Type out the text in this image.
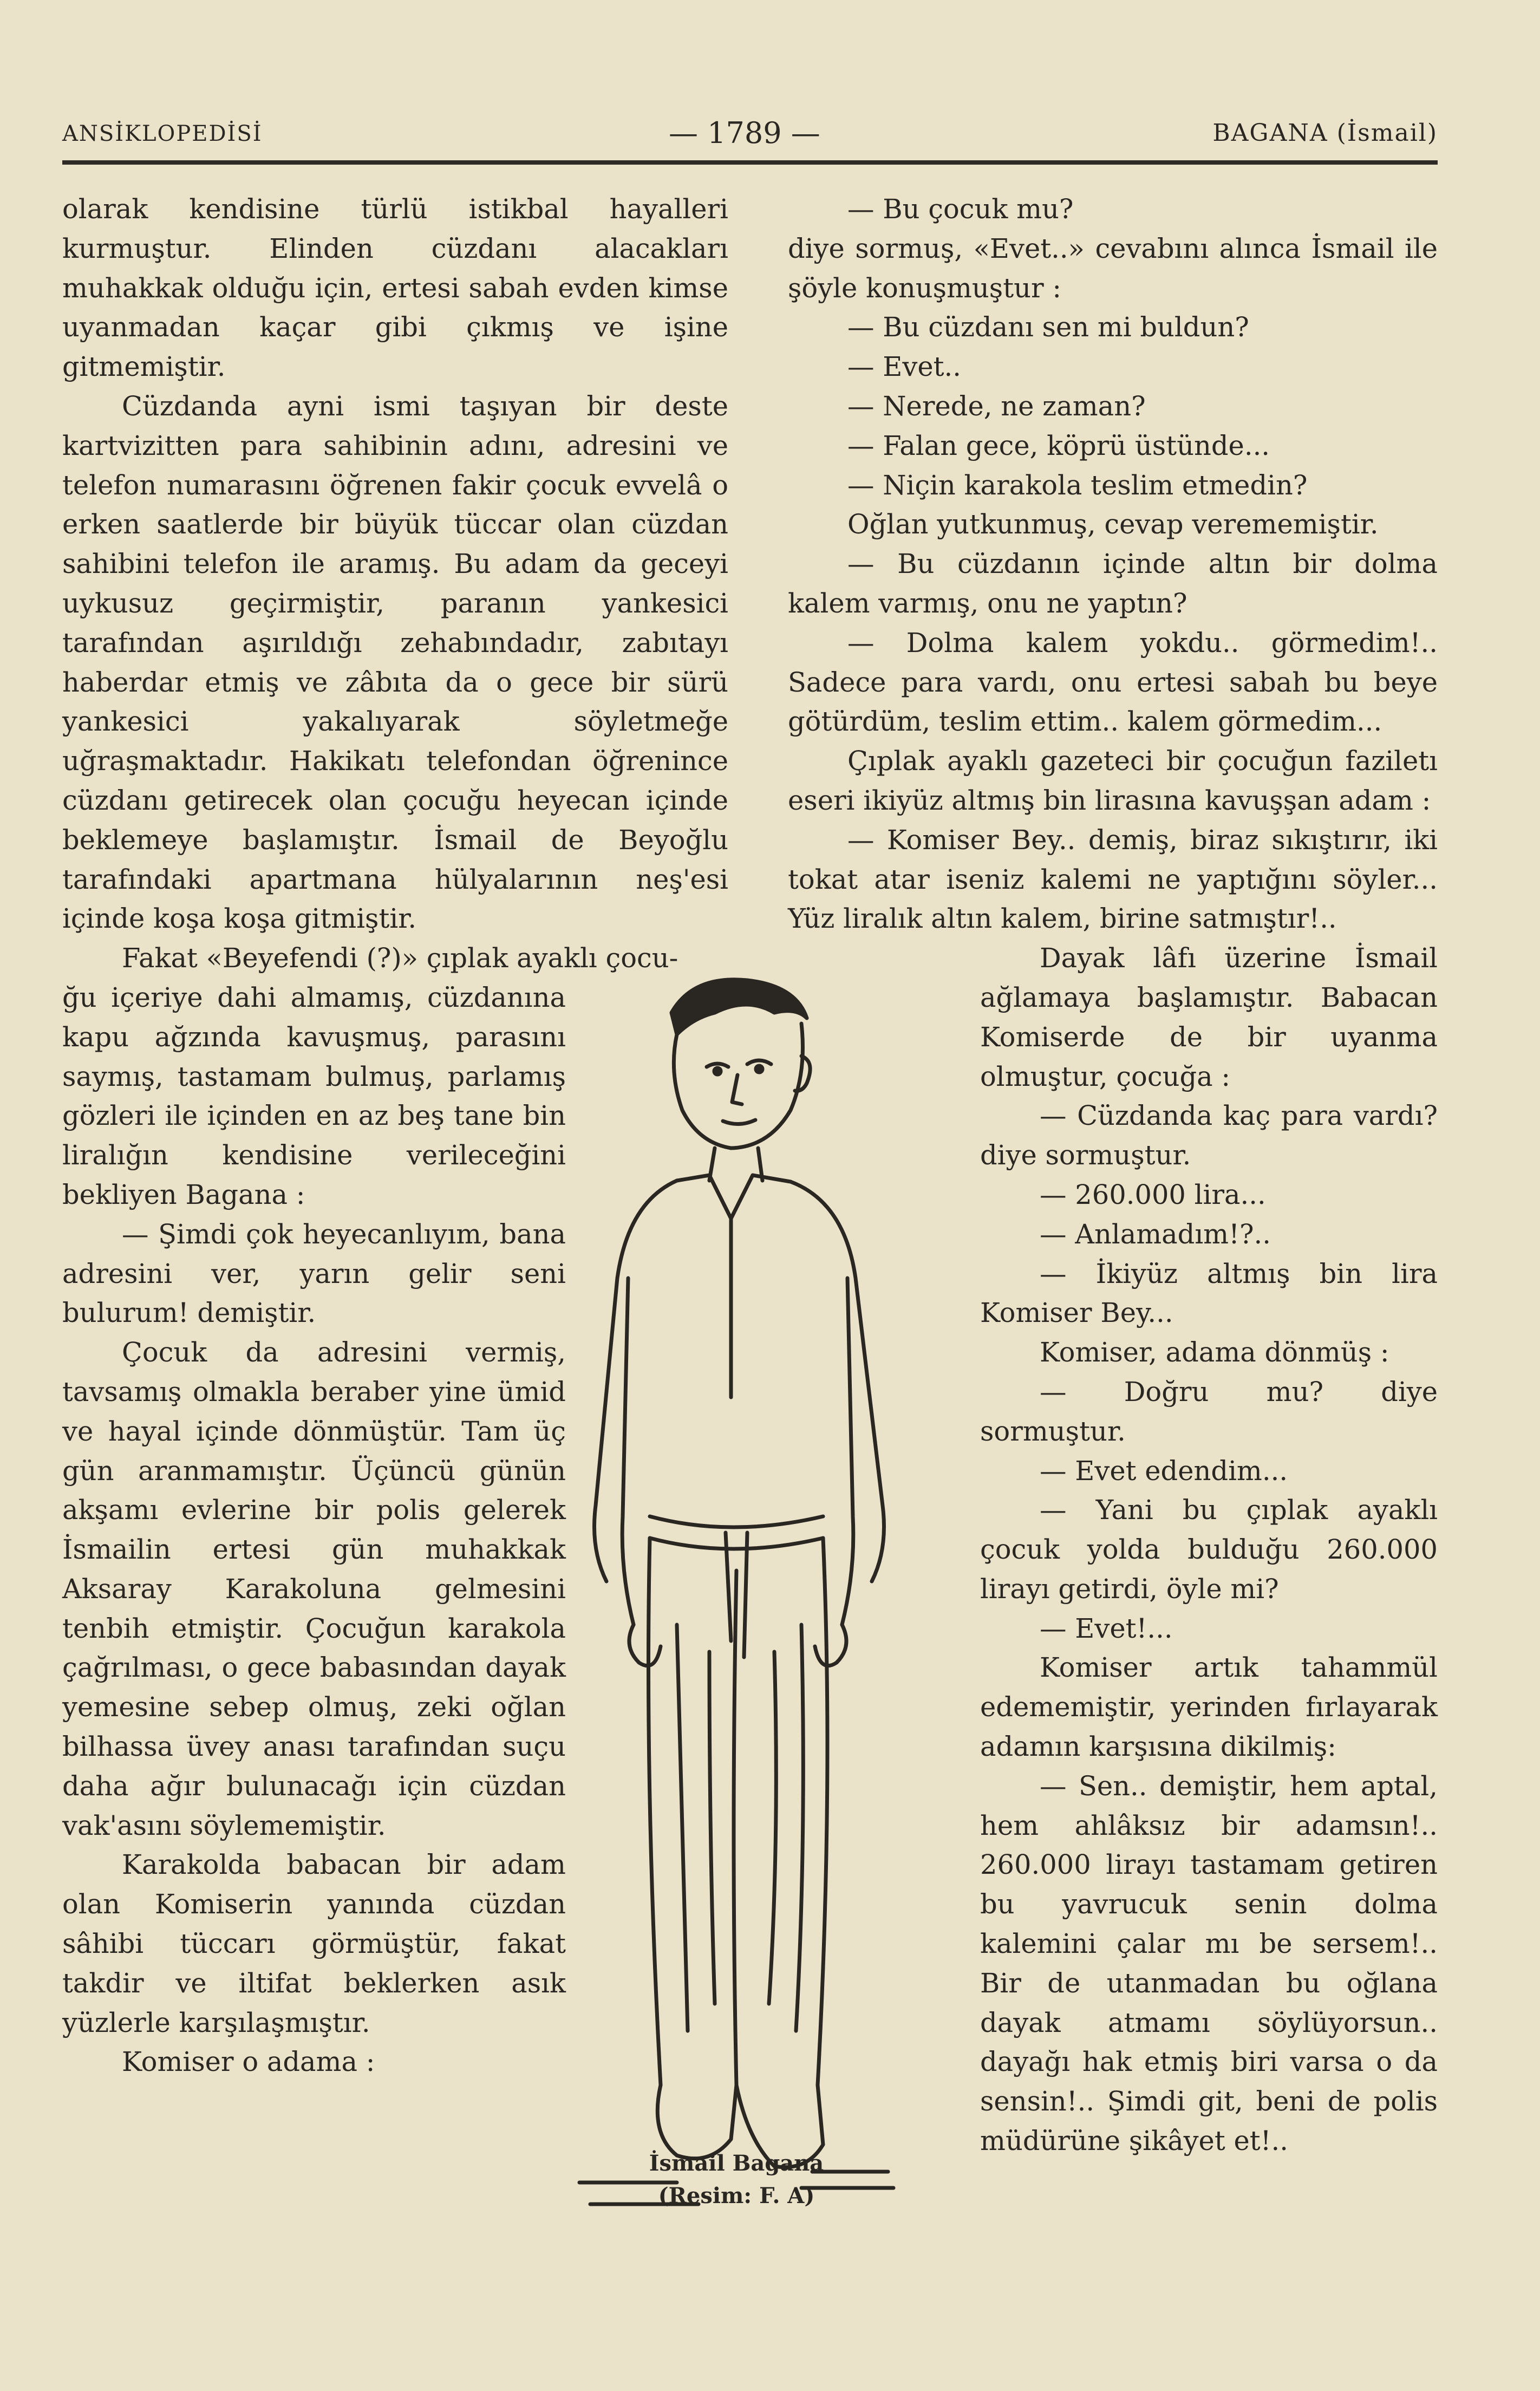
ANSİKLOPEDİSİ	— 1789 —	BAGANA (İsmail)

olarak kendisine türlü istikbal hayalleri kurmuştur. Elinden cüzdanı alacakları muhakkak olduğu için, ertesi sabah evden kimse uyanmadan kaçar gibi çıkmış ve işine gitmemiştir.

Cüzdanda ayni ismi taşıyan bir deste kartvizitten para sahibinin adını, adresini ve telefon numarasını öğrenen fakir çocuk evvelâ o erken saatlerde bir büyük tüccar olan cüzdan sahibini telefon ile aramış. Bu adam da geceyi uykusuz geçirmiştir, paranın yankesici tarafından aşırıldığı zehabındadır, zabıtayı haberdar etmiş ve zâbıta da o gece bir sürü yankesici yakalıyarak söyletmeğe uğraşmaktadır. Hakikatı telefondan öğrenince cüzdanı getirecek olan çocuğu heyecan içinde beklemeye başlamıştır. İsmail de Beyoğlu tarafındaki apartmana hülyalarının neş'esi içinde koşa koşa gitmiştir.

Fakat «Beyefendi (?)» çıplak ayaklı çocu-

ğu içeriye dahi almamış, cüzdanına kapu ağzında kavuşmuş, parasını saymış, tastamam bulmuş, parlamış gözleri ile içinden en az beş tane bin liralığın kendisine verileceğini bekliyen Bagana :

— Şimdi çok heyecanlıyım, bana adresini ver, yarın gelir seni bulurum! demiştir.

Çocuk da adresini vermiş, tavsamış olmakla beraber yine ümid ve hayal içinde dönmüştür. Tam üç gün aranmamıştır. Üçüncü günün akşamı evlerine bir polis gelerek İsmailin ertesi gün muhakkak Aksaray Karakoluna gelmesini tenbih etmiştir. Çocuğun karakola çağrılması, o gece babasından dayak yemesine sebep olmuş, zeki oğlan bilhassa üvey anası tarafından suçu daha ağır bulunacağı için cüzdan vak'asını söylememiştir.

Karakolda babacan bir adam olan Komiserin yanında cüzdan sâhibi tüccarı görmüştür, fakat takdir ve iltifat beklerken asık yüzlerle karşılaşmıştır.

Komiser o adama :

— Bu çocuk mu?

diye sormuş, «Evet..» cevabını alınca İsmail ile şöyle konuşmuştur :

— Bu cüzdanı sen mi buldun?

— Evet..

— Nerede, ne zaman?

— Falan gece, köprü üstünde...

— Niçin karakola teslim etmedin?

Oğlan yutkunmuş, cevap verememiştir.

— Bu cüzdanın içinde altın bir dolma kalem varmış, onu ne yaptın?

— Dolma kalem yokdu.. görmedim!.. Sadece para vardı, onu ertesi sabah bu beye götürdüm, teslim ettim.. kalem görmedim...

Çıplak ayaklı gazeteci bir çocuğun faziletı eseri ikiyüz altmış bin lirasına kavuşşan adam :

— Komiser Bey.. demiş, biraz sıkıştırır, iki tokat atar iseniz kalemi ne yaptığını söyler... Yüz liralık altın kalem, birine satmıştır!..

Dayak lâfı üzerine İsmail ağlamaya başlamıştır. Babacan Komiserde de bir uyanma olmuştur, çocuğa :

— Cüzdanda kaç para vardı? diye sormuştur.

— 260.000 lira...

— Anlamadım!?..

— İkiyüz altmış bin lira Komiser Bey...

Komiser, adama dönmüş :

— Doğru mu? diye sormuştur.

— Evet edendim...

— Yani bu çıplak ayaklı çocuk yolda bulduğu 260.000 lirayı getirdi, öyle mi?

— Evet!...

Komiser artık tahammül edememiştir, yerinden fırlayarak adamın karşısına dikilmiş:

— Sen.. demiştir, hem aptal, hem ahlâksız bir adamsın!.. 260.000 lirayı tastamam getiren bu yavrucuk senin dolma kalemini çalar mı be sersem!.. Bir de utanmadan bu oğlana dayak atmamı söylüyorsun.. dayağı hak etmiş biri varsa o da sensin!.. Şimdi git, beni de polis müdürüne şikâyet et!..

İsmail Bagana
(Resim: F. A)
